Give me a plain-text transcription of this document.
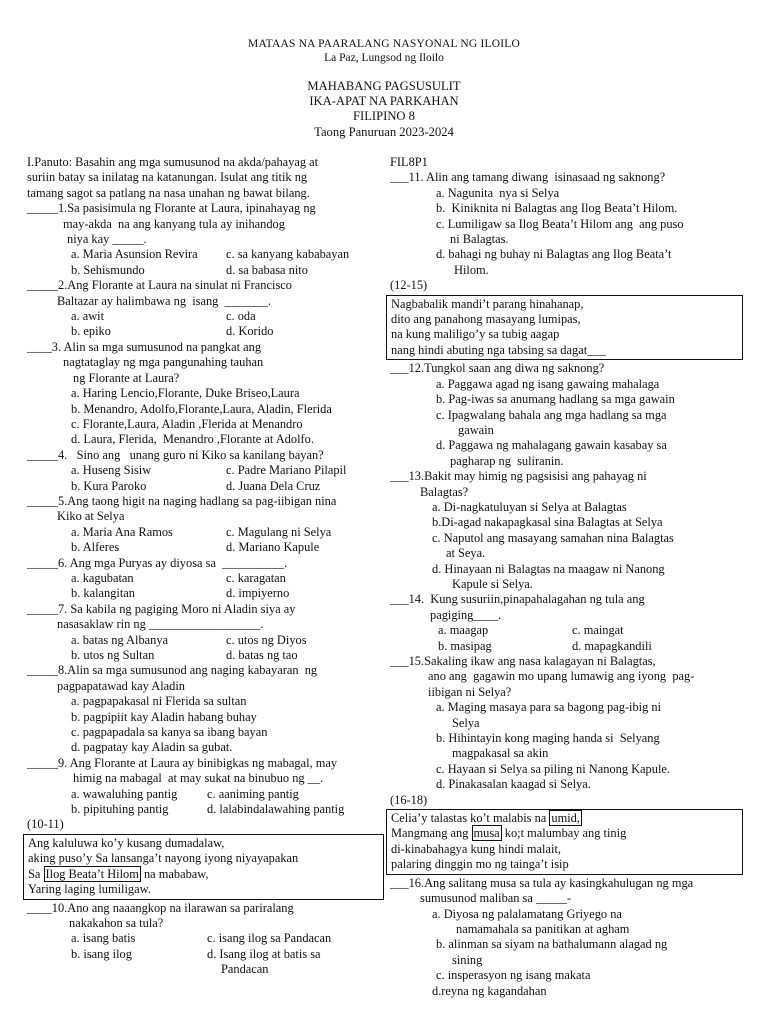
MATAAS NA PAARALANG NASYONAL NG ILOILO
La Paz, Lungsod ng Iloilo
MAHABANG PAGSUSULIT
IKA-APAT NA PARKAHAN
FILIPINO 8
Taong Panuruan 2023-2024
I.Panuto: Basahin ang mga sumusunod na akda/pahayag at
suriin batay sa inilatag na katanungan. Isulat ang titik ng
tamang sagot sa patlang na nasa unahan ng bawat bilang.
_____1.Sa pasisimula ng Florante at Laura, ipinahayag ng
may-akda  na ang kanyang tula ay inihandog
niya kay _____.
a. Maria Asunsion Revira	c. sa kanyang kababayan
b. Sehismundo	d. sa babasa nito
_____2.Ang Florante at Laura na sinulat ni Francisco
Baltazar ay halimbawa ng  isang  _______.
a. awit	c. oda
b. epiko	d. Korido
____3. Alin sa mga sumusunod na pangkat ang
nagtataglay ng mga pangunahing tauhan
ng Florante at Laura?
a. Haring Lencio,Florante, Duke Briseo,Laura
b. Menandro, Adolfo,Florante,Laura, Aladin, Flerida
c. Florante,Laura, Aladin ,Flerida at Menandro
d. Laura, Flerida,  Menandro ,Florante at Adolfo.
_____4.   Sino ang   unang guro ni Kiko sa kanilang bayan?
a. Huseng Sisiw	c. Padre Mariano Pilapil
b. Kura Paroko	d. Juana Dela Cruz
_____5.Ang taong higit na naging hadlang sa pag-iibigan nina
Kiko at Selya
a. Maria Ana Ramos	c. Magulang ni Selya
b. Alferes	d. Mariano Kapule
_____6. Ang mga Puryas ay diyosa sa  __________.
a. kagubatan	c. karagatan
b. kalangitan	d. impiyerno
_____7. Sa kabila ng pagiging Moro ni Aladin siya ay
nasasaklaw rin ng __________________.
a. batas ng Albanya	c. utos ng Diyos
b. utos ng Sultan	d. batas ng tao
_____8.Alin sa mga sumusunod ang naging kabayaran  ng
pagpapatawad kay Aladin
a. pagpapakasal ni Flerida sa sultan
b. pagpipiit kay Aladin habang buhay
c. pagpapadala sa kanya sa ibang bayan
d. pagpatay kay Aladin sa gubat.
_____9. Ang Florante at Laura ay binibigkas ng mabagal, may
himig na mabagal  at may sukat na binubuo ng __.
a. wawaluhing pantig	c. aaniming pantig
b. pipituhing pantig	d. lalabindalawahing pantig
(10-11)
Ang kaluluwa ko’y kusang dumadalaw,
aking puso’y Sa lansanga’t nayong iyong niyayapakan
Sa Ilog Beata’t Hilom na mababaw,
Yaring laging lumiligaw.
____10.Ano ang naaangkop na ilarawan sa pariralang
nakakahon sa tula?
a. isang batis	c. isang ilog sa Pandacan
b. isang ilog	d. Isang ilog at batis sa
Pandacan
FIL8P1
___11. Alin ang tamang diwang  isinasaad ng saknong?
a. Nagunita  nya si Selya
b.  Kiniknita ni Balagtas ang Ilog Beata’t Hilom.
c. Lumiligaw sa Ilog Beata’t Hilom ang  ang puso
ni Balagtas.
d. bahagi ng buhay ni Balagtas ang Ilog Beata’t
Hilom.
(12-15)
Nagbabalik mandi’t parang hinahanap,
dito ang panahong masayang lumipas,
na kung maliligo’y sa tubig aagap
nang hindi abuting nga tabsing sa dagat___
___12.Tungkol saan ang diwa ng saknong?
a. Paggawa agad ng isang gawaing mahalaga
b. Pag-iwas sa anumang hadlang sa mga gawain
c. Ipagwalang bahala ang mga hadlang sa mga
gawain
d. Paggawa ng mahalagang gawain kasabay sa
pagharap ng  suliranin.
___13.Bakit may himig ng pagsisisi ang pahayag ni
Balagtas?
a. Di-nagkatuluyan si Selya at Balagtas
b.Di-agad nakapagkasal sina Balagtas at Selya
c. Naputol ang masayang samahan nina Balagtas
at Seya.
d. Hinayaan ni Balagtas na maagaw ni Nanong
Kapule si Selya.
___14.  Kung susuriin,pinapahalagahan ng tula ang
pagiging____.
a. maagap	c. maingat
b. masipag	d. mapagkandili
___15.Sakaling ikaw ang nasa kalagayan ni Balagtas,
ano ang  gagawin mo upang lumawig ang iyong  pag-
iibigan ni Selya?
a. Maging masaya para sa bagong pag-ibig ni
Selya
b. Hihintayin kong maging handa si  Selyang
magpakasal sa akin
c. Hayaan si Selya sa piling ni Nanong Kapule.
d. Pinakasalan kaagad si Selya.
(16-18)
Celia’y talastas ko’t malabis na umid,
Mangmang ang musa ko;t malumbay ang tinig
di-kinabahagya kung hindi malait,
palaring dinggin mo ng tainga’t isip
___16.Ang salitang musa sa tula ay kasingkahulugan ng mga
sumusunod maliban sa _____-
a. Diyosa ng palalamatang Griyego na
namamahala sa panitikan at agham
b. alinman sa siyam na bathalumann alagad ng
sining
c. insperasyon ng isang makata
d.reyna ng kagandahan
